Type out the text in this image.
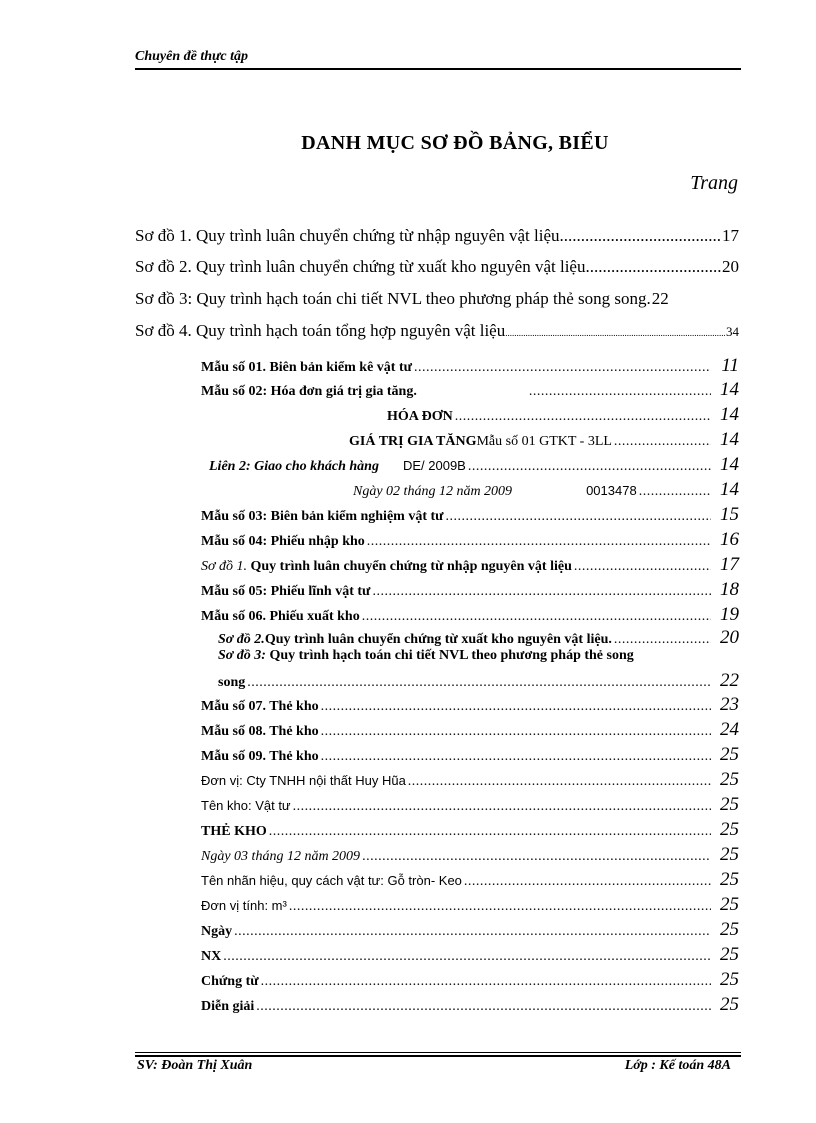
Chuyên đề thực tập
DANH MỤC SƠ ĐỒ BẢNG, BIỂU
Trang
Sơ đồ 1. Quy trình luân chuyển chứng từ nhập nguyên vật liệu .....	17
Sơ đồ 2. Quy trình luân chuyển chứng từ xuất kho nguyên vật liệu. .....	20
Sơ đồ 3: Quy trình hạch toán chi tiết NVL theo phương pháp thẻ song song. 22
Sơ đồ 4. Quy trình hạch toán tổng hợp nguyên vật liệu .....	34
Mẫu số 01. Biên bản kiểm kê vật tư .....	11
Mẫu số 02: Hóa đơn giá trị gia tăng. .....	14
HÓA ĐƠN .....	14
GIÁ TRỊ GIA TĂNG Mẫu số 01 GTKT - 3LL .....	14
Liên 2: Giao cho khách hàng DE/ 2009B .....	14
Ngày 02 tháng 12 năm 2009	0013478 .....	14
Mẫu số 03: Biên bản kiểm nghiệm vật tư .....	15
Mẫu số 04: Phiếu nhập kho .....	16
Sơ đồ 1. Quy trình luân chuyển chứng từ nhập nguyên vật liệu .....	17
Mẫu số 05: Phiếu lĩnh vật tư .....	18
Mẫu số 06. Phiếu xuất kho .....	19
Sơ đồ 2.Quy trình luân chuyển chứng từ xuất kho nguyên vật liệu. .....	20
Sơ đồ 3: Quy trình hạch toán chi tiết NVL theo phương pháp thẻ song
song .....	22
Mẫu số 07. Thẻ kho .....	23
Mẫu số 08. Thẻ kho .....	24
Mẫu số 09. Thẻ kho .....	25
Đơn vị: Cty TNHH nội thất Huy Hũa .....	25
Tên kho: Vật tư .....	25
THẺ KHO .....	25
Ngày 03 tháng 12 năm 2009 .....	25
Tên nhãn hiệu, quy cách vật tư: Gỗ tròn- Keo .....	25
Đơn vị tính: m³ .....	25
Ngày .....	25
NX .....	25
Chứng từ .....	25
Diễn giải .....	25
SV: Đoàn Thị Xuân	Lớp : Kế toán 48A
